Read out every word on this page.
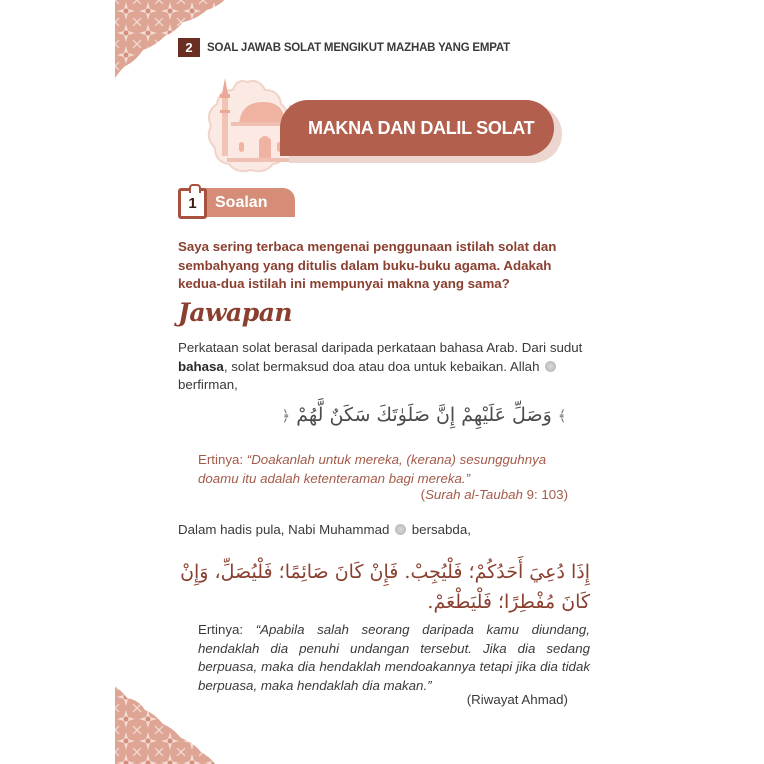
2	SOAL JAWAB SOLAT MENGIKUT MAZHAB YANG EMPAT
MAKNA DAN DALIL SOLAT
1	Soalan
Saya sering terbaca mengenai penggunaan istilah solat dan sembahyang yang ditulis dalam buku-buku agama. Adakah kedua-dua istilah ini mempunyai makna yang sama?
Jawapan
Perkataan solat berasal daripada perkataan bahasa Arab. Dari sudut bahasa, solat bermaksud doa atau doa untuk kebaikan. Allah  berfirman,
﴾ وَصَلِّ عَلَيْهِمْ إِنَّ صَلَوٰتَكَ سَكَنٌ لَّهُمْ ﴿
Ertinya: “Doakanlah untuk mereka, (kerana) sesungguhnya doamu itu adalah ketenteraman bagi mereka.”
(Surah al-Taubah 9: 103)
Dalam hadis pula, Nabi Muhammad  bersabda,
إِذَا دُعِيَ أَحَدُكُمْ؛ فَلْيُجِبْ. فَإِنْ كَانَ صَائِمًا؛ فَلْيُصَلِّ، وَإِنْ كَانَ مُفْطِرًا؛ فَلْيَطْعَمْ.
Ertinya: “Apabila salah seorang daripada kamu diundang, hendaklah dia penuhi undangan tersebut. Jika dia sedang berpuasa, maka dia hendaklah mendoakannya tetapi jika dia tidak berpuasa, maka hendaklah dia makan.”
(Riwayat Ahmad)
